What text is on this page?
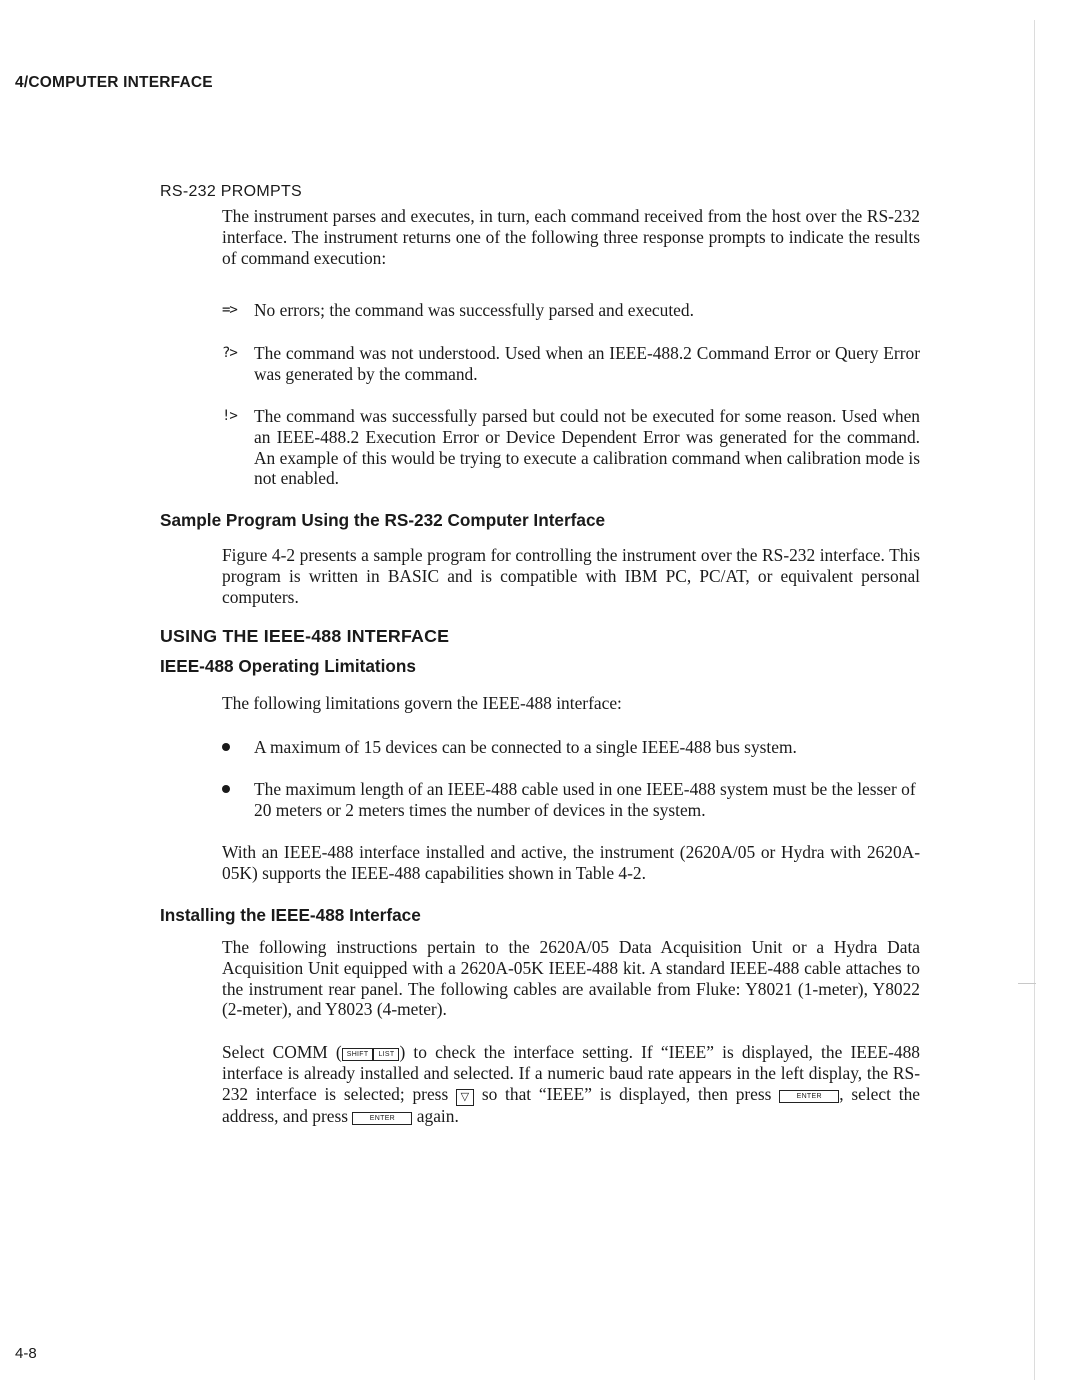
4/COMPUTER INTERFACE
RS-232 PROMPTS

The instrument parses and executes, in turn, each command received from the host over the RS-232 interface. The instrument returns one of the following three response prompts to indicate the results of command execution:

=> No errors; the command was successfully parsed and executed.
?> The command was not understood. Used when an IEEE-488.2 Command Error or Query Error was generated by the command.
!> The command was successfully parsed but could not be executed for some reason. Used when an IEEE-488.2 Execution Error or Device Dependent Error was generated for the command. An example of this would be trying to execute a calibration command when calibration mode is not enabled.
Sample Program Using the RS-232 Computer Interface

Figure 4-2 presents a sample program for controlling the instrument over the RS-232 interface. This program is written in BASIC and is compatible with IBM PC, PC/AT, or equivalent personal computers.

USING THE IEEE-488 INTERFACE
IEEE-488 Operating Limitations

The following limitations govern the IEEE-488 interface:

A maximum of 15 devices can be connected to a single IEEE-488 bus system.
The maximum length of an IEEE-488 cable used in one IEEE-488 system must be the lesser of 20 meters or 2 meters times the number of devices in the system.

With an IEEE-488 interface installed and active, the instrument (2620A/05 or Hydra with 2620A-05K) supports the IEEE-488 capabilities shown in Table 4-2.

Installing the IEEE-488 Interface

The following instructions pertain to the 2620A/05 Data Acquisition Unit or a Hydra Data Acquisition Unit equipped with a 2620A-05K IEEE-488 kit. A standard IEEE-488 cable attaches to the instrument rear panel. The following cables are available from Fluke: Y8021 (1-meter), Y8022 (2-meter), and Y8023 (4-meter).

Select COMM ( SHIFT LIST ) to check the interface setting. If “IEEE” is displayed, the IEEE-488 interface is already installed and selected. If a numeric baud rate appears in the left display, the RS-232 interface is selected; press ▽ so that “IEEE” is displayed, then press	ENTER , select the address, and press	ENTER again.

4-8
